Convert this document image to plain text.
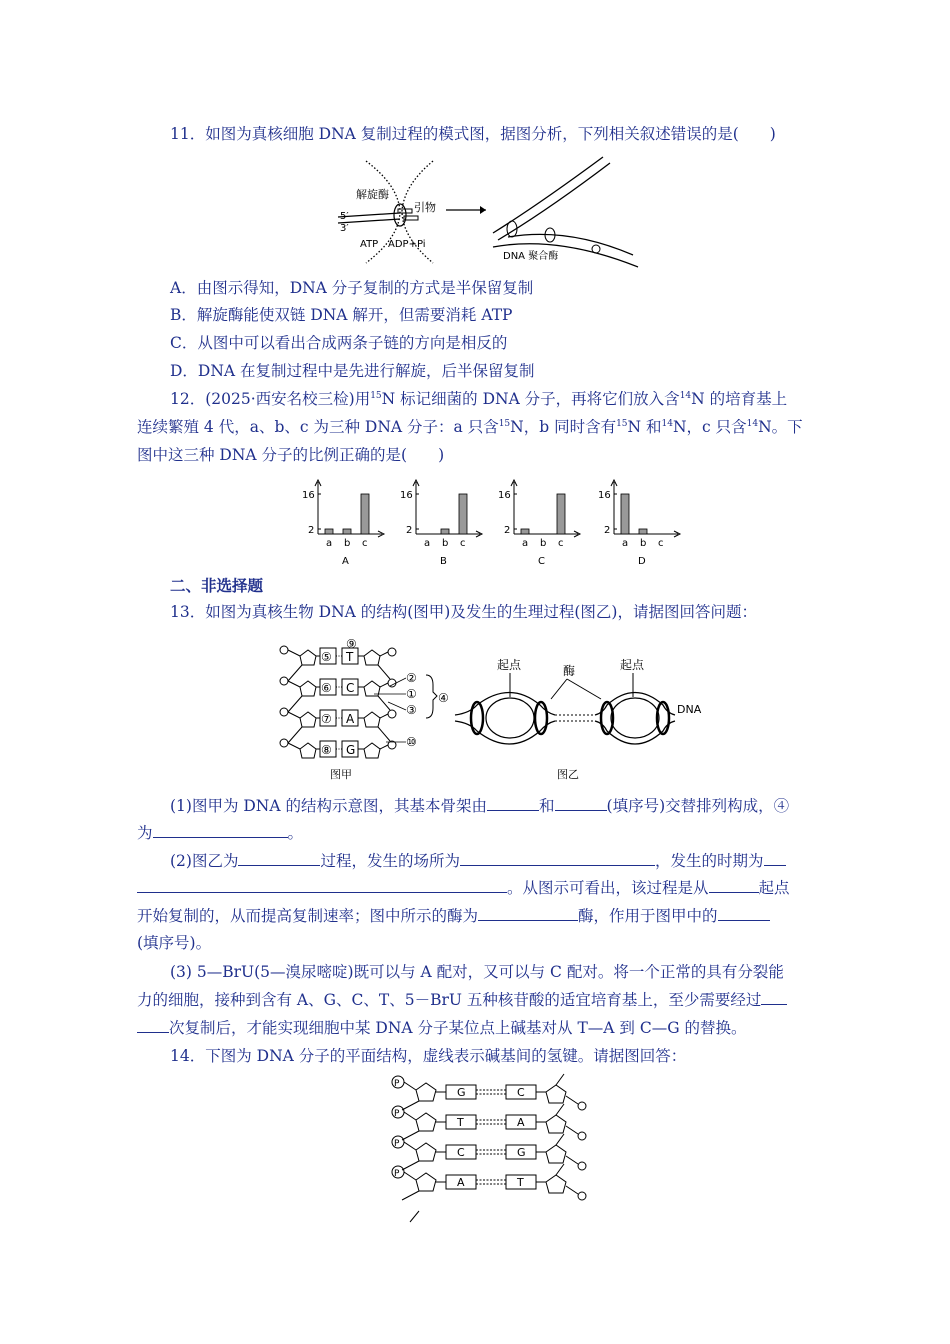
11．如图为真核细胞 DNA 复制过程的模式图，据图分析，下列相关叙述错误的是(　　)
解旋酶
引物
5′
3′
ATP ADP+Pi
DNA 聚合酶
A．由图示得知，DNA 分子复制的方式是半保留复制
B．解旋酶能使双链 DNA 解开，但需要消耗 ATP
C．从图中可以看出合成两条子链的方向是相反的
D．DNA 在复制过程中是先进行解旋，后半保留复制
12．(2025·西安名校三检)用$^{15}$N 标记细菌的 DNA 分子，再将它们放入含$^{14}$N 的培育基上
连续繁殖 4 代，a、b、c 为三种 DNA 分子：a 只含$^{15}$N，b 同时含有$^{15}$N 和$^{14}$N，c 只含$^{14}$N。下
图中这三种 DNA 分子的比例正确的是(　　)
16
2
a b c
A
16
2
a b c
B
16
2
a b c
C
16
2
a b c
D
二、非选择题
13．如图为真核生物 DNA 的结构(图甲)及发生的生理过程(图乙)，请据图回答问题：
⑤ T
⑥ C
⑦ A
⑧ G
⑨
②
①
③
④
⑩
图甲
起点	酶	起点
DNA
图乙
(1)图甲为 DNA 的结构示意图，其基本骨架由	和	(填序号)交替排列构成，④
为	。
(2)图乙为	过程，发生的场所为	，发生的时期为
。从图示可看出，该过程是从	起点
开始复制的，从而提高复制速率；图中所示的酶为	酶，作用于图甲中的
(填序号)。
(3) 5—BrU(5—溴尿嘧啶)既可以与 A 配对，又可以与 C 配对。将一个正常的具有分裂能
力的细胞，接种到含有 A、G、C、T、5－BrU 五种核苷酸的适宜培育基上，至少需要经过
次复制后，才能实现细胞中某 DNA 分子某位点上碱基对从 T—A 到 C—G 的替换。
14．下图为 DNA 分子的平面结构，虚线表示碱基间的氢键。请据图回答：
P
G	C
P
T	A
P
C	G
P
A	T
